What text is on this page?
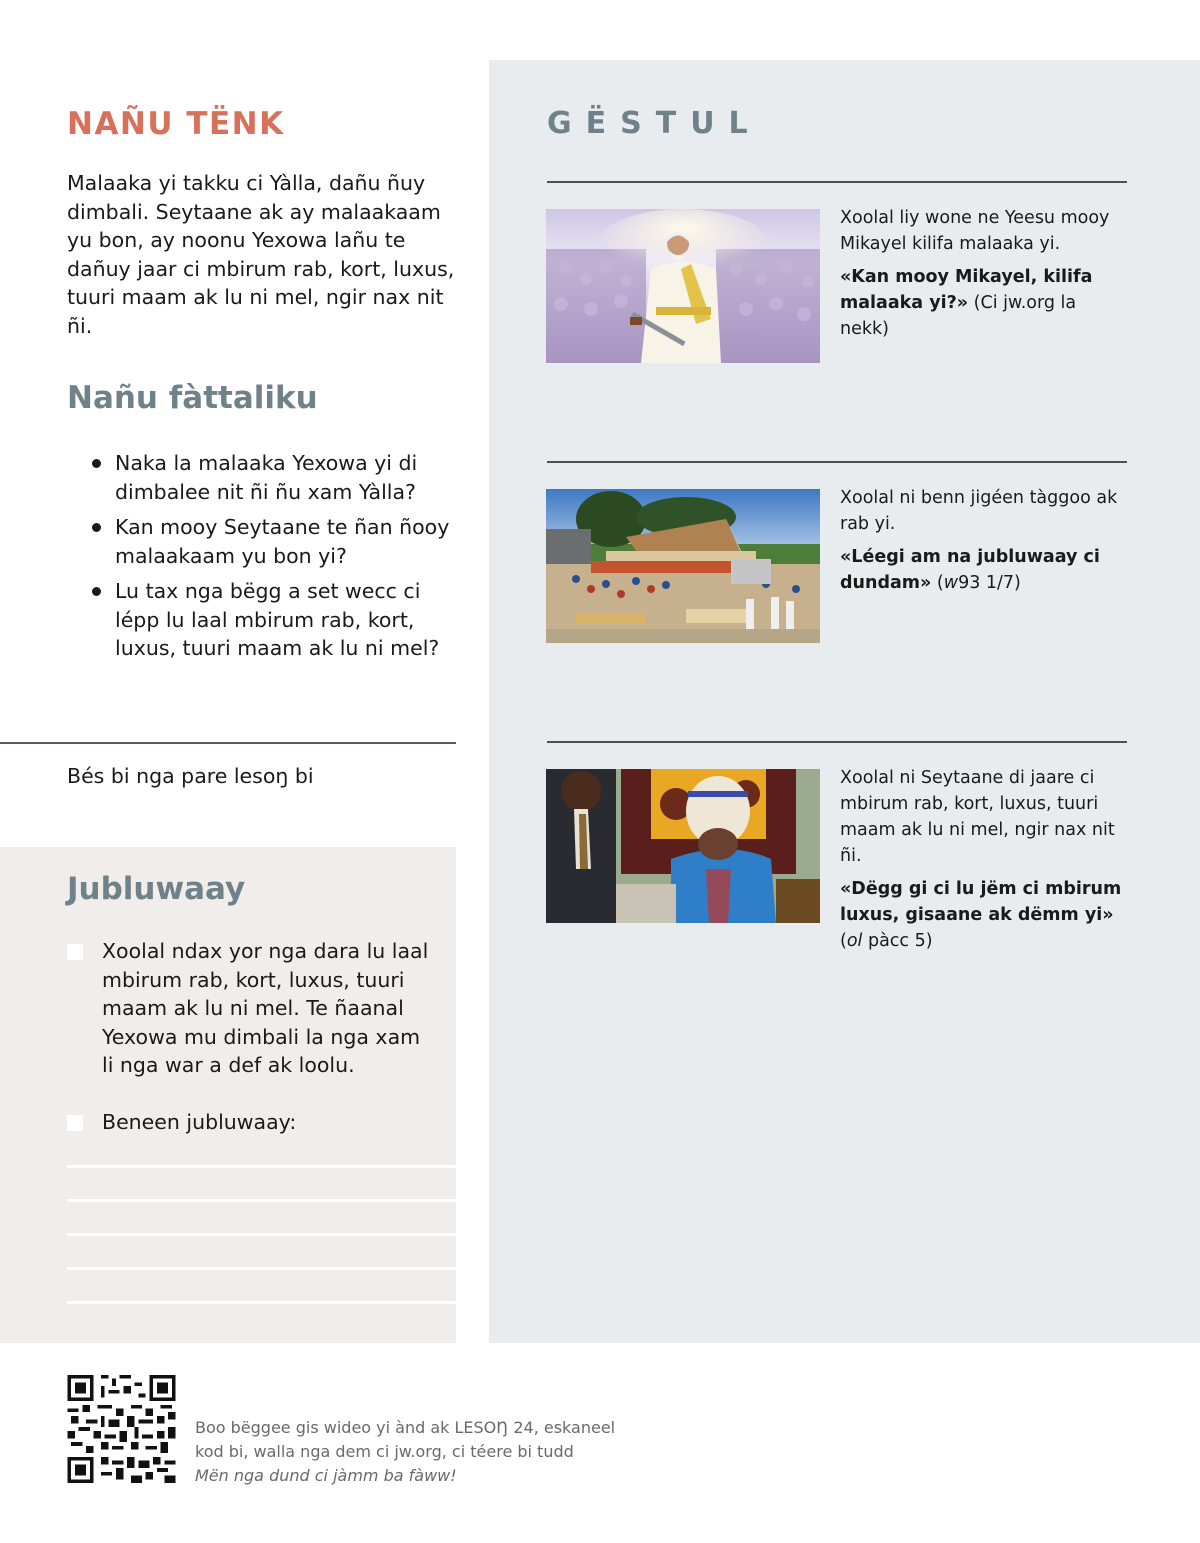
NAÑU TËNK

Malaaka yi takku ci Yàlla, dañu ñuy dimbali. Seytaane ak ay malaakaam yu bon, ay noonu Yexowa lañu te dañuy jaar ci mbirum rab, kort, luxus, tuuri maam ak lu ni mel, ngir nax nit ñi.

Nañu fàttaliku
Naka la malaaka Yexowa yi di dimbalee nit ñi ñu xam Yàlla?
Kan mooy Seytaane te ñan ñooy malaakaam yu bon yi?
Lu tax nga bëgg a set wecc ci lépp lu laal mbirum rab, kort, luxus, tuuri maam ak lu ni mel?

Bés bi nga pare lesoŋ bi

Jubluwaay
Xoolal ndax yor nga dara lu laal mbirum rab, kort, luxus, tuuri maam ak lu ni mel. Te ñaanal Yexowa mu dimbali la nga xam li nga war a def ak loolu.
Beneen jubluwaay:
GËSTUL
Xoolal liy wone ne Yeesu mooy Mikayel kilifa malaaka yi.
«Kan mooy Mikayel, kilifa malaaka yi?» (Ci jw.org la nekk)
Xoolal ni benn jigéen tàggoo ak rab yi.
«Léegi am na jubluwaay ci dundam» (w93 1/7)
Xoolal ni Seytaane di jaare ci mbirum rab, kort, luxus, tuuri maam ak lu ni mel, ngir nax nit ñi.
«Dëgg gi ci lu jëm ci mbirum luxus, gisaane ak dëmm yi»
(ol pàcc 5)
Boo bëggee gis wideo yi ànd ak LESOŊ 24, eskaneel
kod bi, walla nga dem ci jw.org, ci téere bi tudd
Mën nga dund ci jàmm ba fàww!
